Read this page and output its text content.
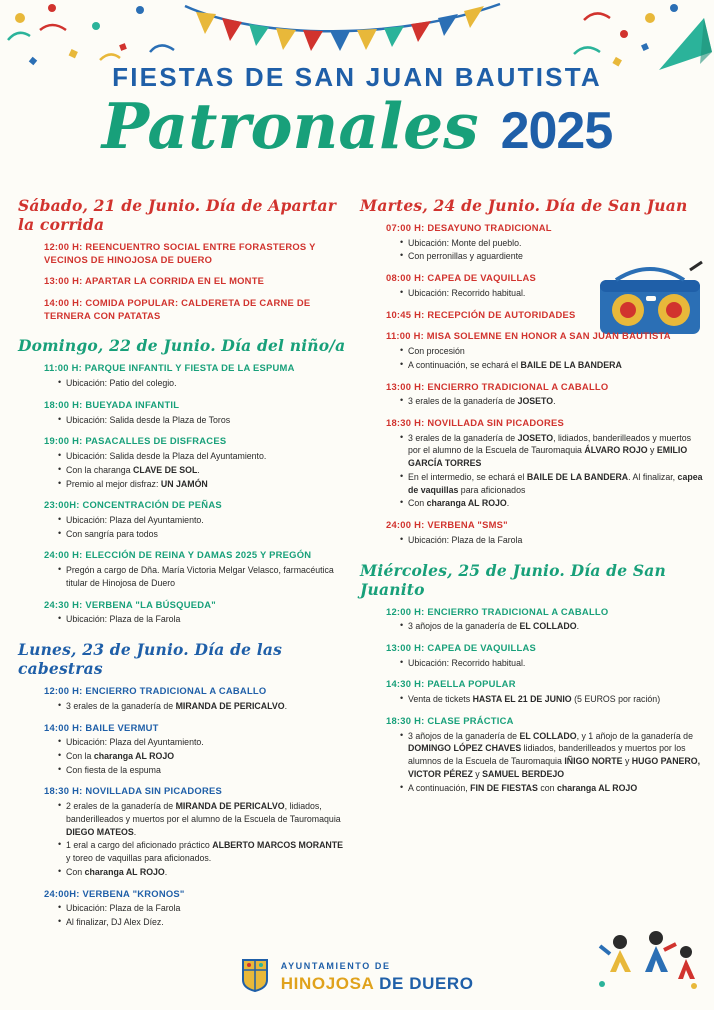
FIESTAS DE SAN JUAN BAUTISTA
Patronales 2025
Sábado, 21 de Junio. Día de Apartar la corrida
12:00 H: REENCUENTRO SOCIAL ENTRE FORASTEROS Y VECINOS DE HINOJOSA DE DUERO
13:00 H: APARTAR LA CORRIDA EN EL MONTE
14:00 H: COMIDA POPULAR: CALDERETA DE CARNE DE TERNERA CON PATATAS
Domingo, 22 de Junio. Día del niño/a
11:00 H: PARQUE INFANTIL Y FIESTA DE LA ESPUMA
• Ubicación: Patio del colegio.
18:00 H: BUEYADA INFANTIL
• Ubicación: Salida desde la Plaza de Toros
19:00 H: PASACALLES DE DISFRACES
• Ubicación: Salida desde la Plaza del Ayuntamiento.
• Con la charanga CLAVE DE SOL.
• Premio al mejor disfraz: UN JAMÓN
23:00H: CONCENTRACIÓN DE PEÑAS
• Ubicación: Plaza del Ayuntamiento.
• Con sangría para todos
24:00 H: ELECCIÓN DE REINA Y DAMAS 2025 Y PREGÓN
• Pregón a cargo de Dña. María Victoria Melgar Velasco, farmacéutica titular de Hinojosa de Duero
24:30 H: VERBENA "LA BÚSQUEDA"
• Ubicación: Plaza de la Farola
Lunes, 23 de Junio. Día de las cabestras
12:00 H: ENCIERRO TRADICIONAL A CABALLO
• 3 erales de la ganadería de MIRANDA DE PERICALVO.
14:00 H: BAILE VERMUT
• Ubicación: Plaza del Ayuntamiento.
• Con la charanga AL ROJO
• Con fiesta de la espuma
18:30 H: NOVILLADA SIN PICADORES
• 2 erales de la ganadería de MIRANDA DE PERICALVO, lidiados, banderilleados y muertos por el alumno de la Escuela de Tauromaquia DIEGO MATEOS.
• 1 eral a cargo del aficionado práctico ALBERTO MARCOS MORANTE y toreo de vaquillas para aficionados.
• Con charanga AL ROJO.
24:00H: VERBENA "KRONOS"
• Ubicación: Plaza de la Farola
• Al finalizar, DJ Alex Díez.
Martes, 24 de Junio. Día de San Juan
07:00 H: DESAYUNO TRADICIONAL
• Ubicación: Monte del pueblo.
• Con perronillas y aguardiente
08:00 H: CAPEA DE VAQUILLAS
• Ubicación: Recorrido habitual.
10:45 H: RECEPCIÓN DE AUTORIDADES
11:00 H: MISA SOLEMNE EN HONOR A SAN JUAN BAUTISTA
• Con procesión
• A continuación, se echará el BAILE DE LA BANDERA
13:00 H: ENCIERRO TRADICIONAL A CABALLO
• 3 erales de la ganadería de JOSETO.
18:30 H: NOVILLADA SIN PICADORES
• 3 erales de la ganadería de JOSETO, lidiados, banderilleados y muertos por el alumno de la Escuela de Tauromaquia ÁLVARO ROJO y EMILIO GARCÍA TORRES
• En el intermedio, se echará el BAILE DE LA BANDERA. Al finalizar, capea de vaquillas para aficionados
• Con charanga AL ROJO.
24:00 H: VERBENA "SMS"
• Ubicación: Plaza de la Farola
Miércoles, 25 de Junio. Día de San Juanito
12:00 H: ENCIERRO TRADICIONAL A CABALLO
• 3 añojos de la ganadería de EL COLLADO.
13:00 H: CAPEA DE VAQUILLAS
• Ubicación: Recorrido habitual.
14:30 H: PAELLA POPULAR
• Venta de tickets HASTA EL 21 DE JUNIO (5 EUROS por ración)
18:30 H: CLASE PRÁCTICA
• 3 añojos de la ganadería de EL COLLADO, y 1 añojo de la ganadería de DOMINGO LÓPEZ CHAVES lidiados, banderilleados y muertos por los alumnos de la Escuela de Tauromaquia IÑIGO NORTE y HUGO PANERO, VICTOR PÉREZ y SAMUEL BERDEJO
• A continuación, FIN DE FIESTAS con charanga AL ROJO
AYUNTAMIENTO DE
HINOJOSA DE DUERO
